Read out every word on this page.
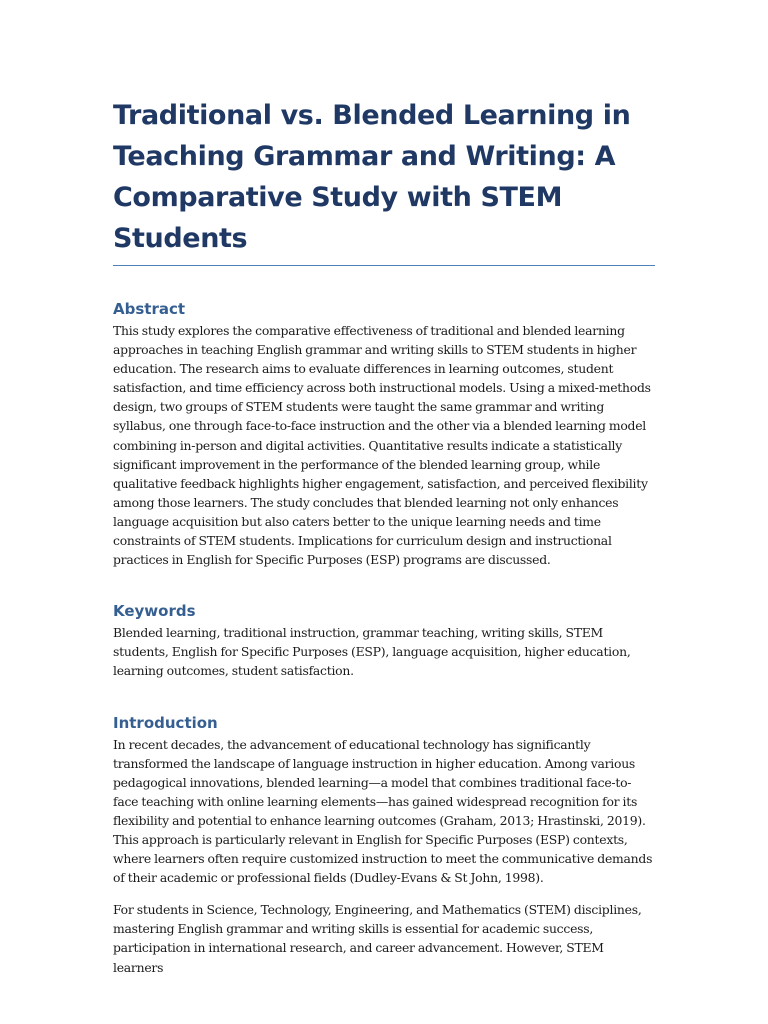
Traditional vs. Blended Learning in Teaching Grammar and Writing: A Comparative Study with STEM Students
Abstract

This study explores the comparative effectiveness of traditional and blended learning approaches in teaching English grammar and writing skills to STEM students in higher education. The research aims to evaluate differences in learning outcomes, student satisfaction, and time efficiency across both instructional models. Using a mixed-methods design, two groups of STEM students were taught the same grammar and writing syllabus, one through face-to-face instruction and the other via a blended learning model combining in-person and digital activities. Quantitative results indicate a statistically significant improvement in the performance of the blended learning group, while qualitative feedback highlights higher engagement, satisfaction, and perceived flexibility among those learners. The study concludes that blended learning not only enhances language acquisition but also caters better to the unique learning needs and time constraints of STEM students. Implications for curriculum design and instructional practices in English for Specific Purposes (ESP) programs are discussed.

Keywords

Blended learning, traditional instruction, grammar teaching, writing skills, STEM students, English for Specific Purposes (ESP), language acquisition, higher education, learning outcomes, student satisfaction.

Introduction

In recent decades, the advancement of educational technology has significantly transformed the landscape of language instruction in higher education. Among various pedagogical innovations, blended learning—a model that combines traditional face-to-face teaching with online learning elements—has gained widespread recognition for its flexibility and potential to enhance learning outcomes (Graham, 2013; Hrastinski, 2019). This approach is particularly relevant in English for Specific Purposes (ESP) contexts, where learners often require customized instruction to meet the communicative demands of their academic or professional fields (Dudley-Evans & St John, 1998).

For students in Science, Technology, Engineering, and Mathematics (STEM) disciplines, mastering English grammar and writing skills is essential for academic success, participation in international research, and career advancement. However, STEM learners
